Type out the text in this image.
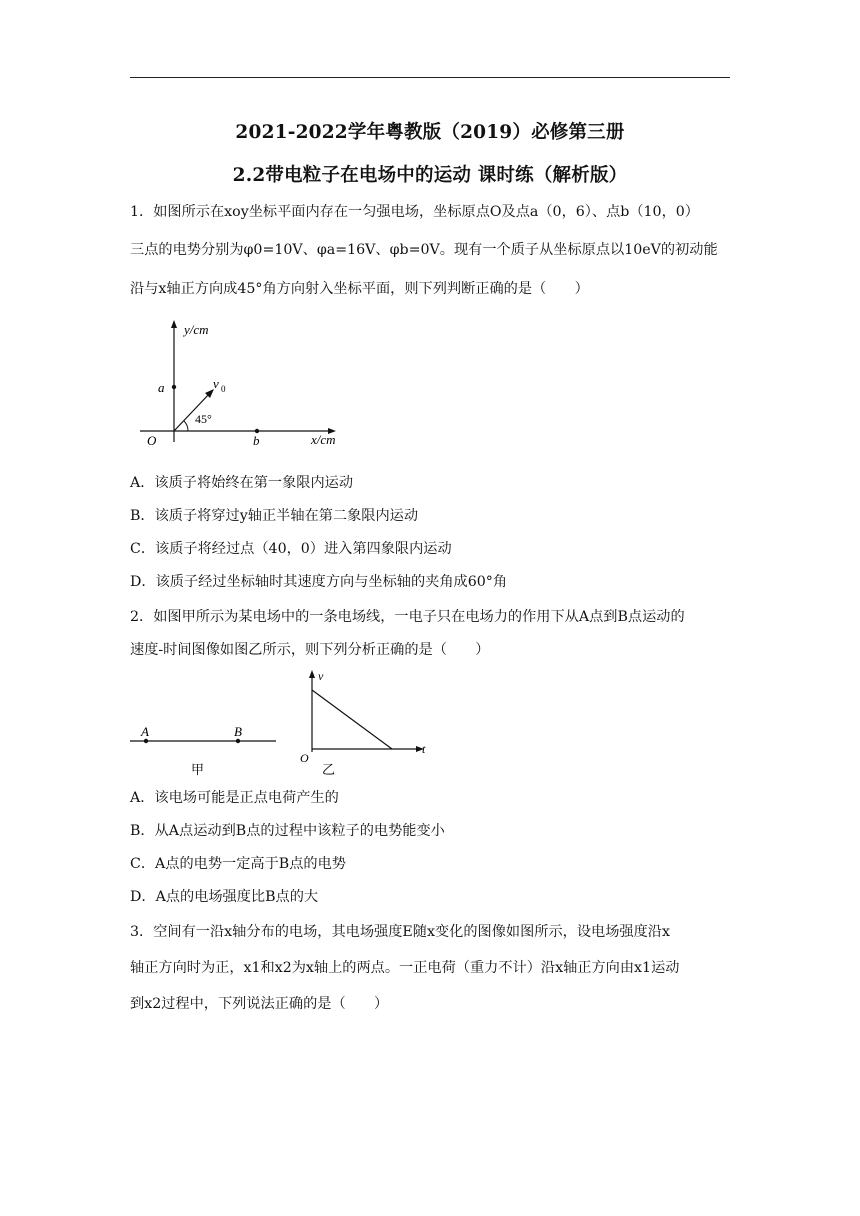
2021-2022学年粤教版（2019）必修第三册
2.2带电粒子在电场中的运动 课时练（解析版）
1．如图所示在xoy坐标平面内存在一匀强电场，坐标原点O及点a（0，6）、点b（10，0）
三点的电势分别为φ0=10V、φa=16V、φb=0V。现有一个质子从坐标原点以10eV的初动能
沿与x轴正方向成45°角方向射入坐标平面，则下列判断正确的是（　　）
y/cm
x/cm
O
a
b
v 0
45°
A．该质子将始终在第一象限内运动
B．该质子将穿过y轴正半轴在第二象限内运动
C．该质子将经过点（40，0）进入第四象限内运动
D．该质子经过坐标轴时其速度方向与坐标轴的夹角成60°角
2．如图甲所示为某电场中的一条电场线，一电子只在电场力的作用下从A点到B点运动的
速度-时间图像如图乙所示，则下列分析正确的是（　　）
A	B
甲
v
t
O
乙
A．该电场可能是正点电荷产生的
B．从A点运动到B点的过程中该粒子的电势能变小
C．A点的电势一定高于B点的电势
D．A点的电场强度比B点的大
3．空间有一沿x轴分布的电场，其电场强度E随x变化的图像如图所示，设电场强度沿x
轴正方向时为正，x1和x2为x轴上的两点。一正电荷（重力不计）沿x轴正方向由x1运动
到x2过程中，下列说法正确的是（　　）
